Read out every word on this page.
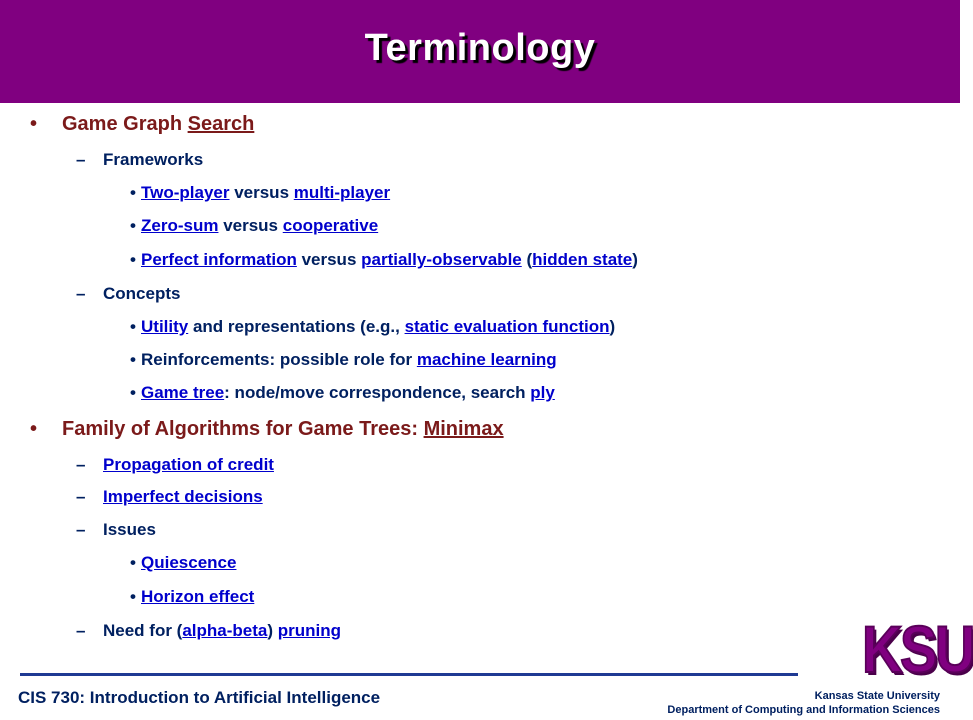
Terminology
• Game Graph Search
– Frameworks
• Two-player versus multi-player
• Zero-sum versus cooperative
• Perfect information versus partially-observable (hidden state)
– Concepts
• Utility and representations (e.g., static evaluation function)
• Reinforcements: possible role for machine learning
• Game tree: node/move correspondence, search ply
• Family of Algorithms for Game Trees: Minimax
– Propagation of credit
– Imperfect decisions
– Issues
• Quiescence
• Horizon effect
– Need for (alpha-beta) pruning
CIS 730: Introduction to Artificial Intelligence
KSU
Kansas State University
Department of Computing and Information Sciences
